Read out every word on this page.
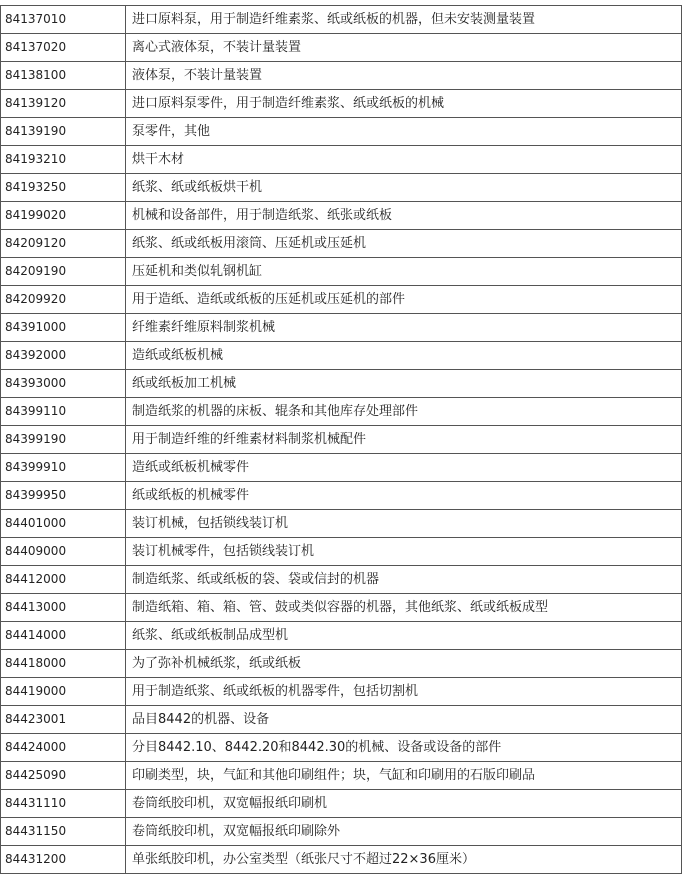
84137010	进口原料泵，用于制造纤维素浆、纸或纸板的机器，但未安装测量装置
84137020	离心式液体泵，不装计量装置
84138100	液体泵，不装计量装置
84139120	进口原料泵零件，用于制造纤维素浆、纸或纸板的机械
84139190	泵零件，其他
84193210	烘干木材
84193250	纸浆、纸或纸板烘干机
84199020	机械和设备部件，用于制造纸浆、纸张或纸板
84209120	纸浆、纸或纸板用滚筒、压延机或压延机
84209190	压延机和类似轧钢机缸
84209920	用于造纸、造纸或纸板的压延机或压延机的部件
84391000	纤维素纤维原料制浆机械
84392000	造纸或纸板机械
84393000	纸或纸板加工机械
84399110	制造纸浆的机器的床板、辊条和其他库存处理部件
84399190	用于制造纤维的纤维素材料制浆机械配件
84399910	造纸或纸板机械零件
84399950	纸或纸板的机械零件
84401000	装订机械，包括锁线装订机
84409000	装订机械零件，包括锁线装订机
84412000	制造纸浆、纸或纸板的袋、袋或信封的机器
84413000	制造纸箱、箱、箱、管、鼓或类似容器的机器，其他纸浆、纸或纸板成型
84414000	纸浆、纸或纸板制品成型机
84418000	为了弥补机械纸浆，纸或纸板
84419000	用于制造纸浆、纸或纸板的机器零件，包括切割机
84423001	品目8442的机器、设备
84424000	分目8442.10、8442.20和8442.30的机械、设备或设备的部件
84425090	印刷类型，块，气缸和其他印刷组件；块，气缸和印刷用的石版印刷品
84431110	卷筒纸胶印机，双宽幅报纸印刷机
84431150	卷筒纸胶印机，双宽幅报纸印刷除外
84431200	单张纸胶印机，办公室类型（纸张尺寸不超过22×36厘米）
